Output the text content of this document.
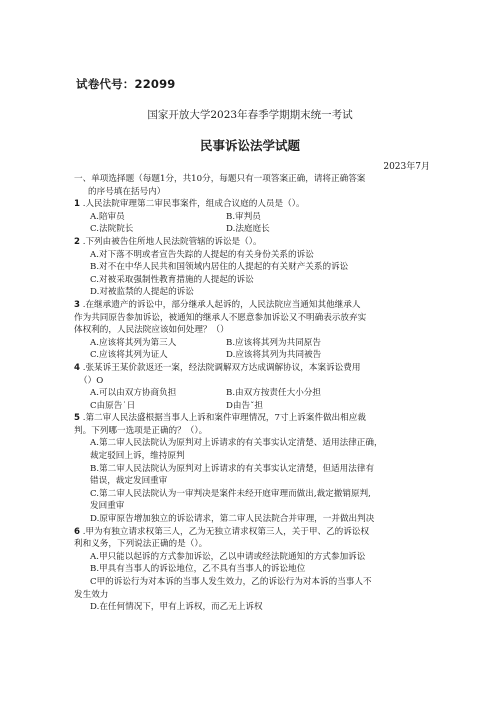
试卷代号：22099
国家开放大学2023年春季学期期末统一考试
民事诉讼法学试题
2023年7月
一、单项选择题（每题1分，共10分，每题只有一项答案正确，请将正确答案
的序号填在括号内）
1 .人民法院审理第二审民事案件，组成合议庭的人员是（）。
A.陪审员	B.审判员
C.法院院长	D.法庭庭长
2 .下列由被告住所地人民法院管辖的诉讼是（）。
A.对下落不明或者宣告失踪的人提起的有关身份关系的诉讼
B.对不在中华人民共和国领域内居住的人提起的有关财产关系的诉讼
C.对被采取强制性教育措施的人提起的诉讼
D.对被监禁的人提起的诉讼
3 .在继承遗产的诉讼中，部分继承人起诉的，人民法院应当通知其他继承人
作为共同原告参加诉讼，被通知的继承人不愿意参加诉讼又不明确表示放弃实
体权利的，人民法院应该如何处理？（）
A.应该将其列为第三人	B.应该将其列为共同原告
C.应该将其列为证人	D.应该将其列为共同被告
4 .张某诉王某价款返还一案，经法院调解双方达成调解协议，本案诉讼费用
（）O
A.可以由双方协商负担	B.由双方按责任大小分担
C由原告˙日	D由告ˇ担
5 .第二审人民法盛根据当事人上诉和案件审理情况，7寸上诉案件做出相应裁
判。下列哪一选项是正确的？（）。
A.第二审人民法院认为原判对上诉请求的有关事实认定清楚、适用法律正确，
裁定驳回上诉，维持原判
B.第二审人民法院认为原判对上诉请求的有关事实认定清楚，但适用法律有
错误，裁定发回重审
C.第二审人民法院认为一审判决是案件未经开庭审理而做出,裁定撤销原判,
发回重审
D.原审原告增加独立的诉讼请求，第二审人民法院合并审理，一并做出判决
6 .甲为有独立请求权第三人，乙为无独立请求权第三人，关于甲、乙的诉讼权
利和义务，下列说法正确的是（）。
A.甲只能以起诉的方式参加诉讼，乙以申请或经法院通知的方式参加诉讼
B.甲具有当事人的诉讼地位，乙不具有当事人的诉讼地位
C甲的诉讼行为对本诉的当事人发生效力，乙的诉讼行为对本诉的当事人不
发生效力
D.在任何情况下，甲有上诉权，而乙无上诉权
